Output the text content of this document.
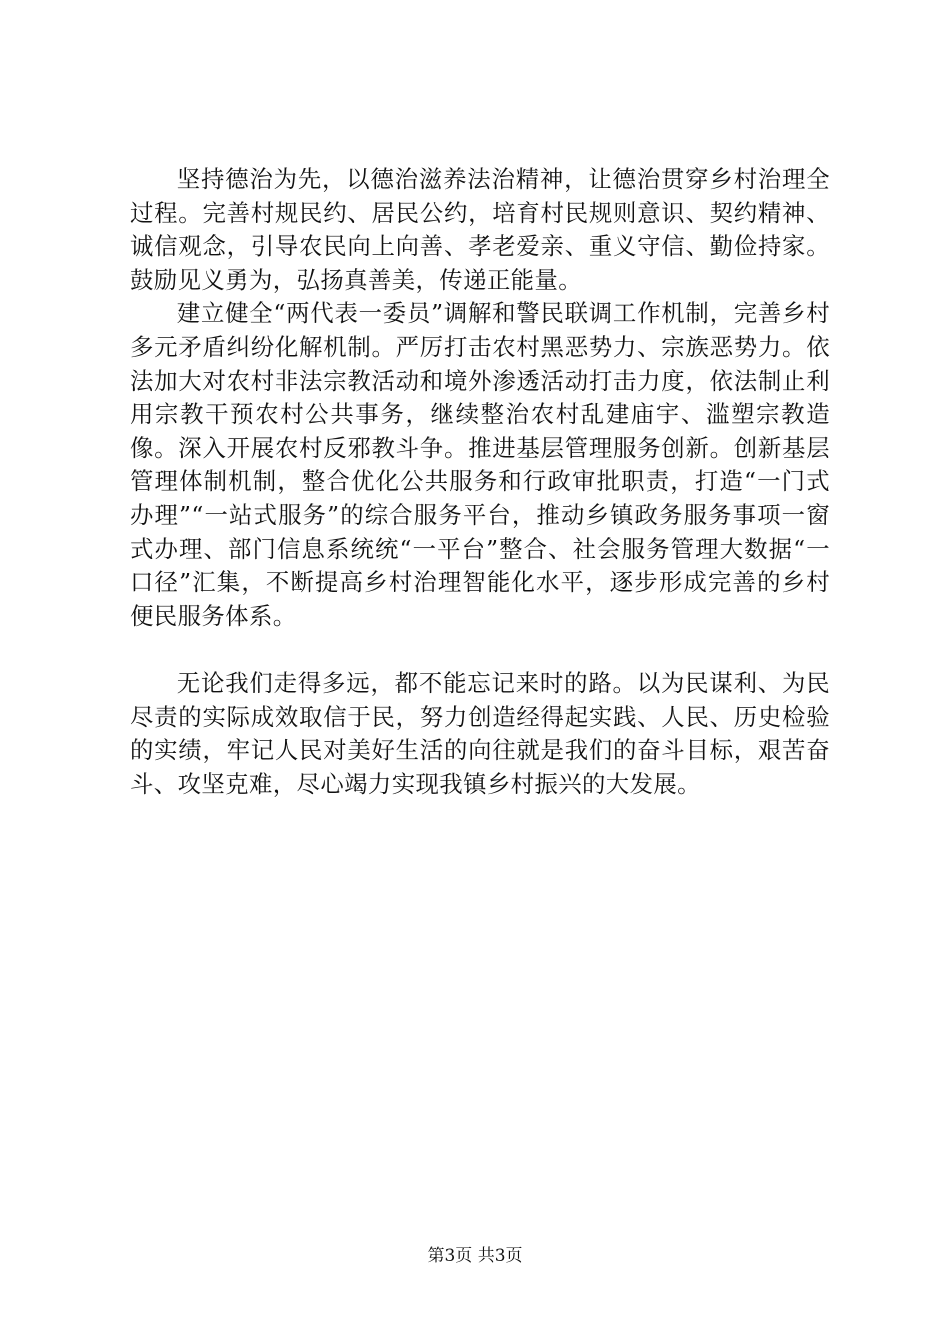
坚持德治为先，以德治滋养法治精神，让德治贯穿乡村治理全过程。完善村规民约、居民公约，培育村民规则意识、契约精神、诚信观念，引导农民向上向善、孝老爱亲、重义守信、勤俭持家。鼓励见义勇为，弘扬真善美，传递正能量。

建立健全“两代表一委员”调解和警民联调工作机制，完善乡村多元矛盾纠纷化解机制。严厉打击农村黑恶势力、宗族恶势力。依法加大对农村非法宗教活动和境外渗透活动打击力度，依法制止利用宗教干预农村公共事务，继续整治农村乱建庙宇、滥塑宗教造像。深入开展农村反邪教斗争。推进基层管理服务创新。创新基层管理体制机制，整合优化公共服务和行政审批职责，打造“一门式办理”“一站式服务”的综合服务平台，推动乡镇政务服务事项一窗式办理、部门信息系统统“一平台”整合、社会服务管理大数据“一口径”汇集，不断提高乡村治理智能化水平，逐步形成完善的乡村便民服务体系。

无论我们走得多远，都不能忘记来时的路。以为民谋利、为民尽责的实际成效取信于民，努力创造经得起实践、人民、历史检验的实绩，牢记人民对美好生活的向往就是我们的奋斗目标，艰苦奋斗、攻坚克难，尽心竭力实现我镇乡村振兴的大发展。

第3页 共3页
